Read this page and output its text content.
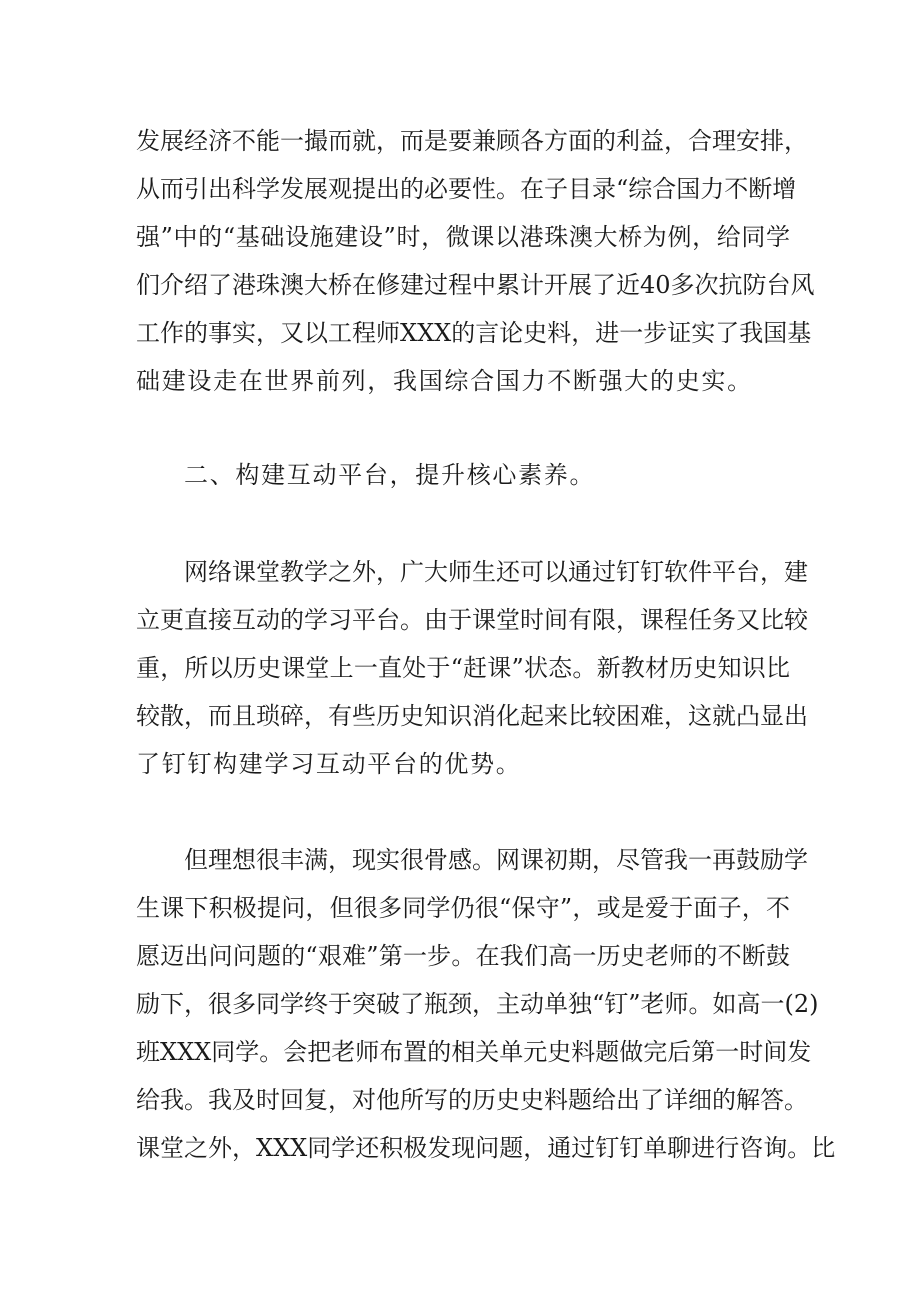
发展经济不能一撮而就，而是要兼顾各方面的利益，合理安排，
从而引出科学发展观提出的必要性。在子目录“综合国力不断增
强”中的“基础设施建设”时，微课以港珠澳大桥为例，给同学
们介绍了港珠澳大桥在修建过程中累计开展了近40多次抗防台风
工作的事实，又以工程师XXX的言论史料，进一步证实了我国基
础建设走在世界前列，我国综合国力不断强大的史实。
二、构建互动平台，提升核心素养。
网络课堂教学之外，广大师生还可以通过钉钉软件平台，建
立更直接互动的学习平台。由于课堂时间有限，课程任务又比较
重，所以历史课堂上一直处于“赶课”状态。新教材历史知识比
较散，而且琐碎，有些历史知识消化起来比较困难，这就凸显出
了钉钉构建学习互动平台的优势。
但理想很丰满，现实很骨感。网课初期，尽管我一再鼓励学
生课下积极提问，但很多同学仍很“保守”，或是爱于面子，不
愿迈出问问题的“艰难”第一步。在我们高一历史老师的不断鼓
励下，很多同学终于突破了瓶颈，主动单独“钉”老师。如高一(2)
班XXX同学。会把老师布置的相关单元史料题做完后第一时间发
给我。我及时回复，对他所写的历史史料题给出了详细的解答。
课堂之外，XXX同学还积极发现问题，通过钉钉单聊进行咨询。比
